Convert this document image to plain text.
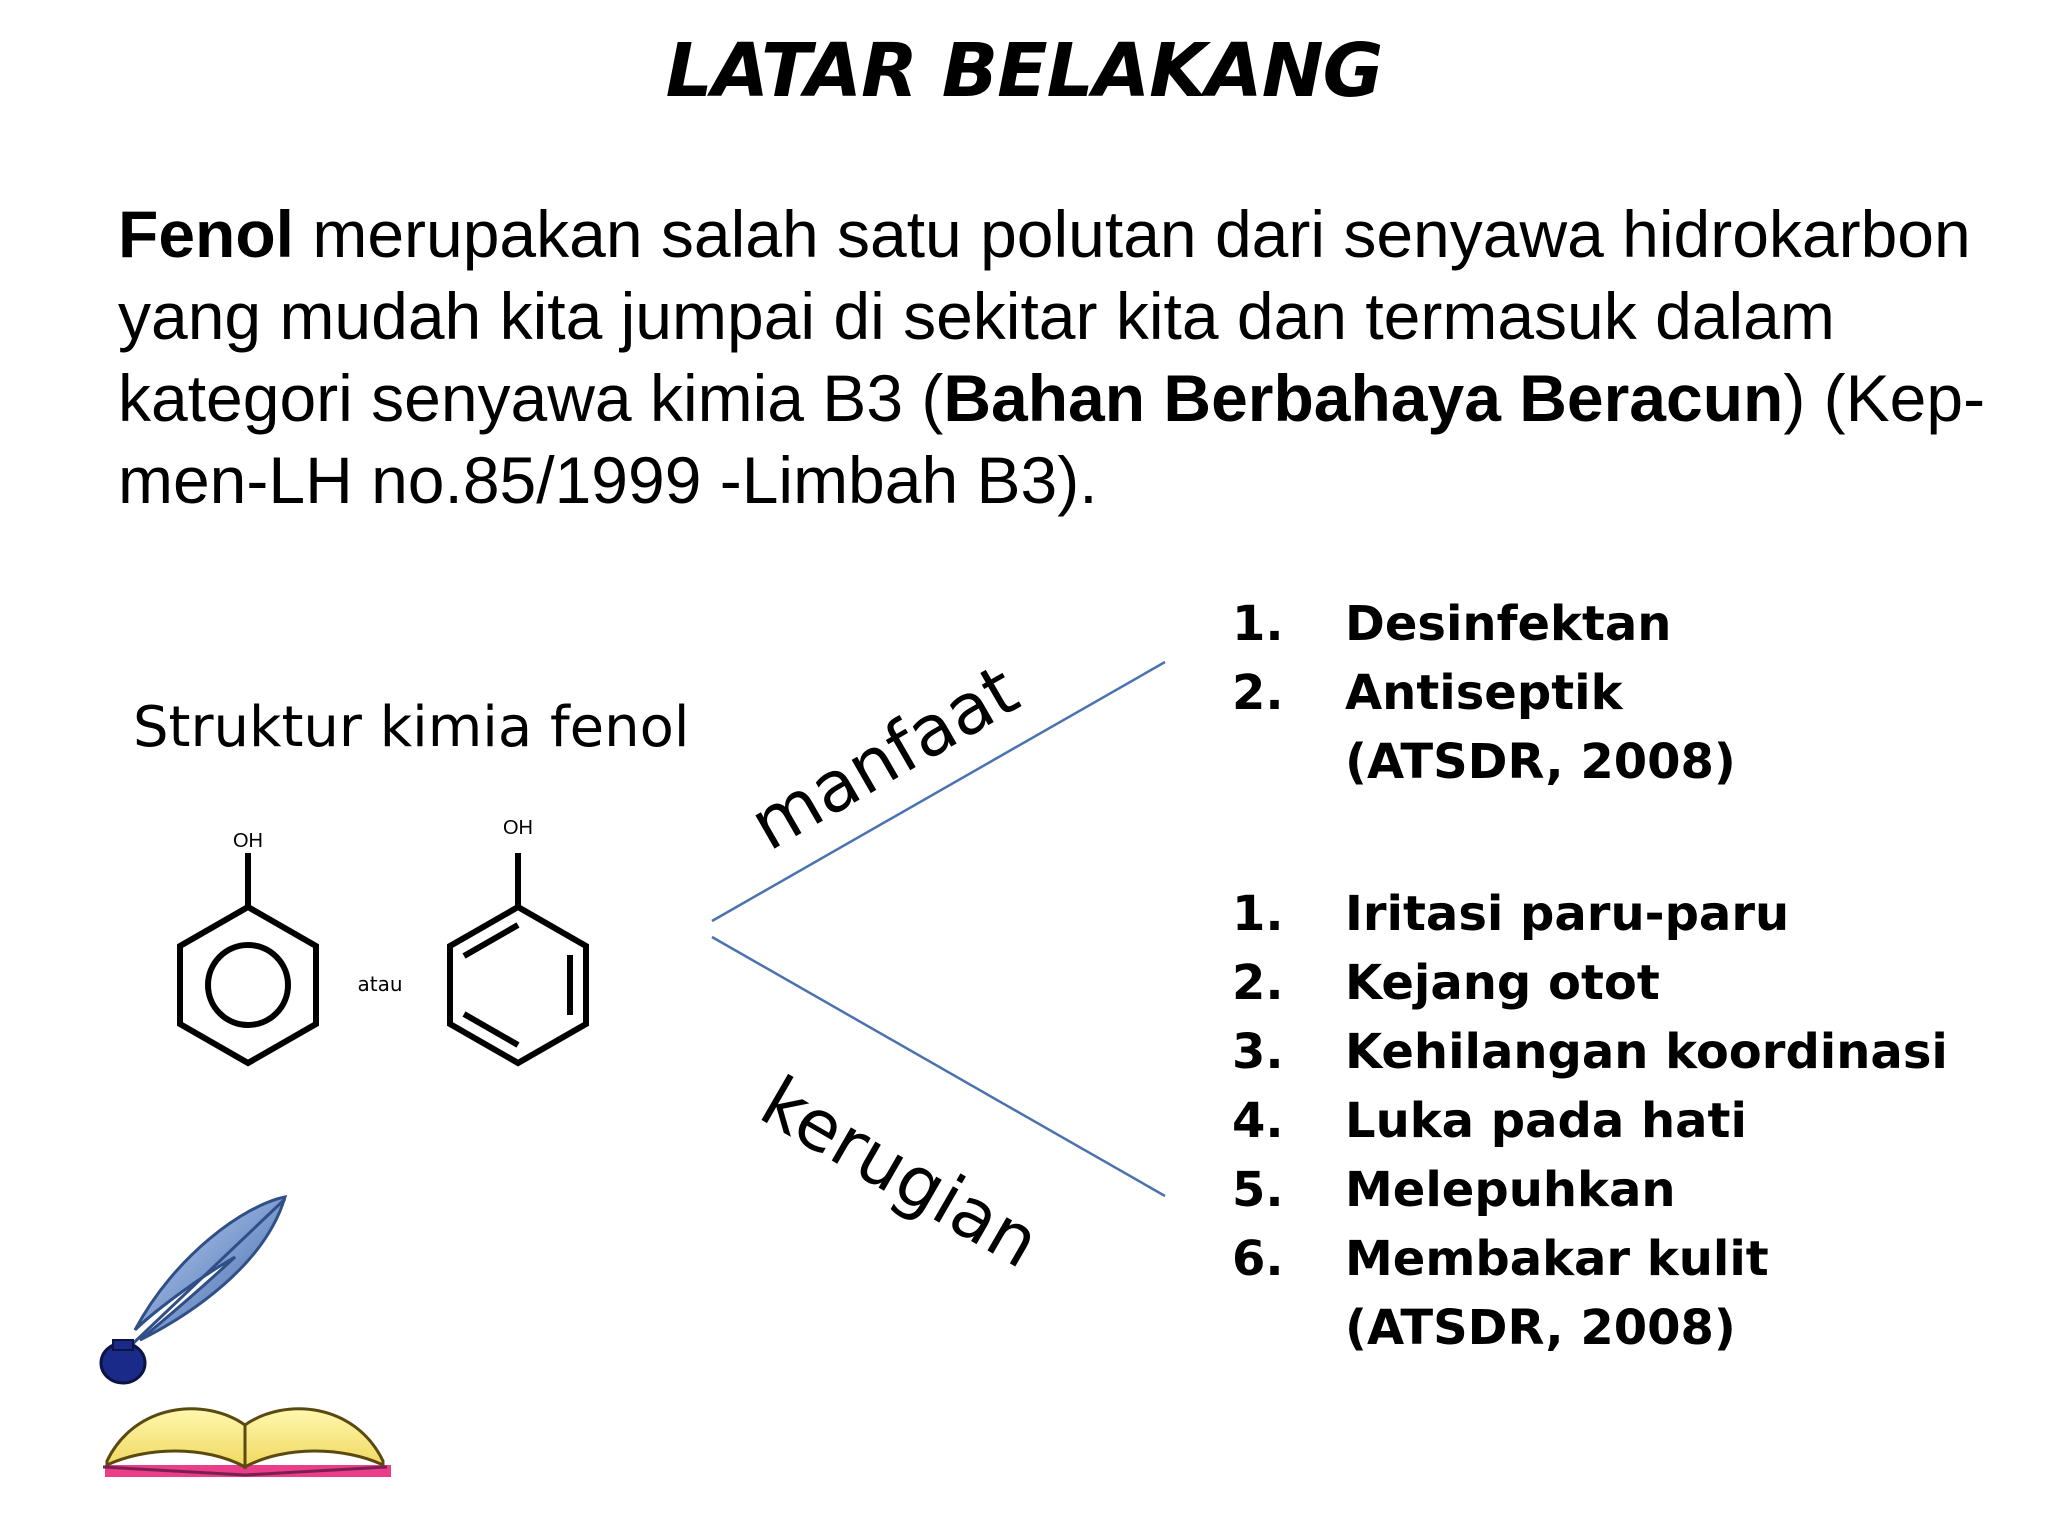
LATAR BELAKANG
Fenol merupakan salah satu polutan dari senyawa hidrokarbon yang mudah kita jumpai di sekitar kita dan termasuk dalam kategori senyawa kimia B3 (Bahan Berbahaya Beracun) (Kep-men-LH no.85/1999 -Limbah B3).
Struktur kimia fenol
OH
atau
OH	manfaat
kerugian
1. Desinfektan
2. Antiseptik
(ATSDR, 2008)
1. Iritasi paru-paru
2. Kejang otot
3. Kehilangan koordinasi
4. Luka pada hati
5. Melepuhkan
6. Membakar kulit
(ATSDR, 2008)
